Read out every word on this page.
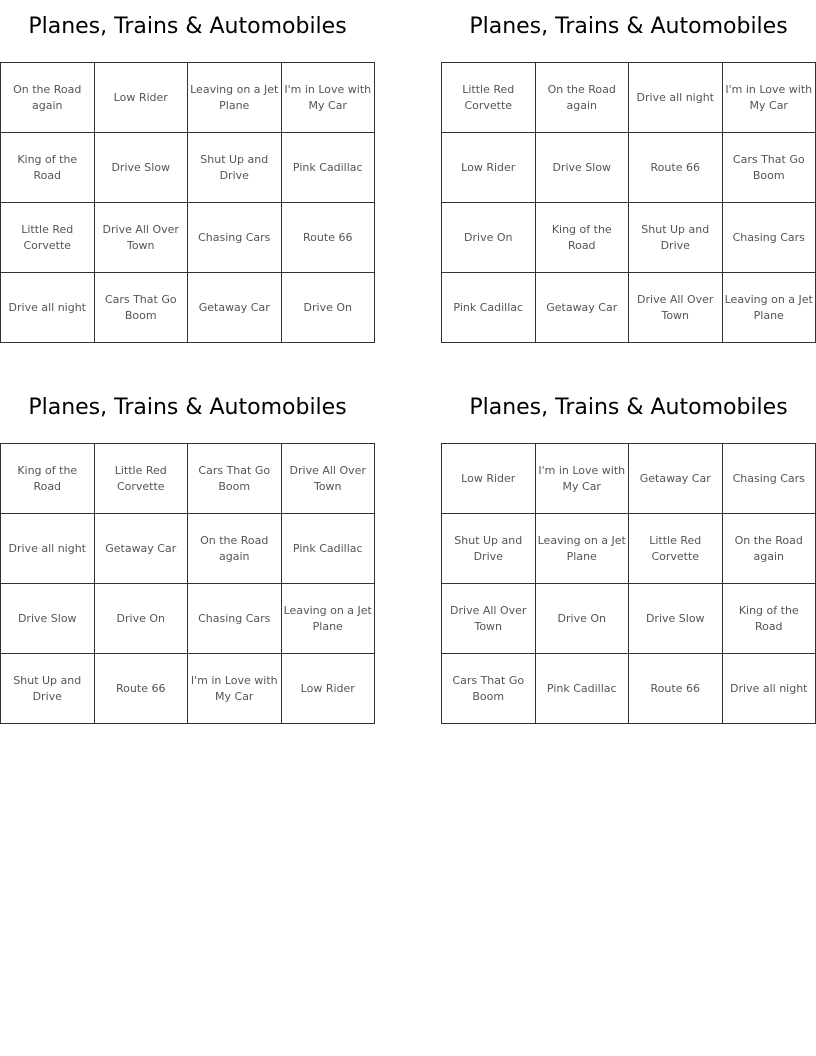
Planes, Trains & Automobiles
On the Road again	Low Rider	Leaving on a Jet Plane	I'm in Love with My Car
King of the Road	Drive Slow	Shut Up and Drive	Pink Cadillac
Little Red Corvette	Drive All Over Town	Chasing Cars	Route 66
Drive all night	Cars That Go Boom	Getaway Car	Drive On
Planes, Trains & Automobiles
Little Red Corvette	On the Road again	Drive all night	I'm in Love with My Car
Low Rider	Drive Slow	Route 66	Cars That Go Boom
Drive On	King of the Road	Shut Up and Drive	Chasing Cars
Pink Cadillac	Getaway Car	Drive All Over Town	Leaving on a Jet Plane
Planes, Trains & Automobiles
King of the Road	Little Red Corvette	Cars That Go Boom	Drive All Over Town
Drive all night	Getaway Car	On the Road again	Pink Cadillac
Drive Slow	Drive On	Chasing Cars	Leaving on a Jet Plane
Shut Up and Drive	Route 66	I'm in Love with My Car	Low Rider
Planes, Trains & Automobiles
Low Rider	I'm in Love with My Car	Getaway Car	Chasing Cars
Shut Up and Drive	Leaving on a Jet Plane	Little Red Corvette	On the Road again
Drive All Over Town	Drive On	Drive Slow	King of the Road
Cars That Go Boom	Pink Cadillac	Route 66	Drive all night
